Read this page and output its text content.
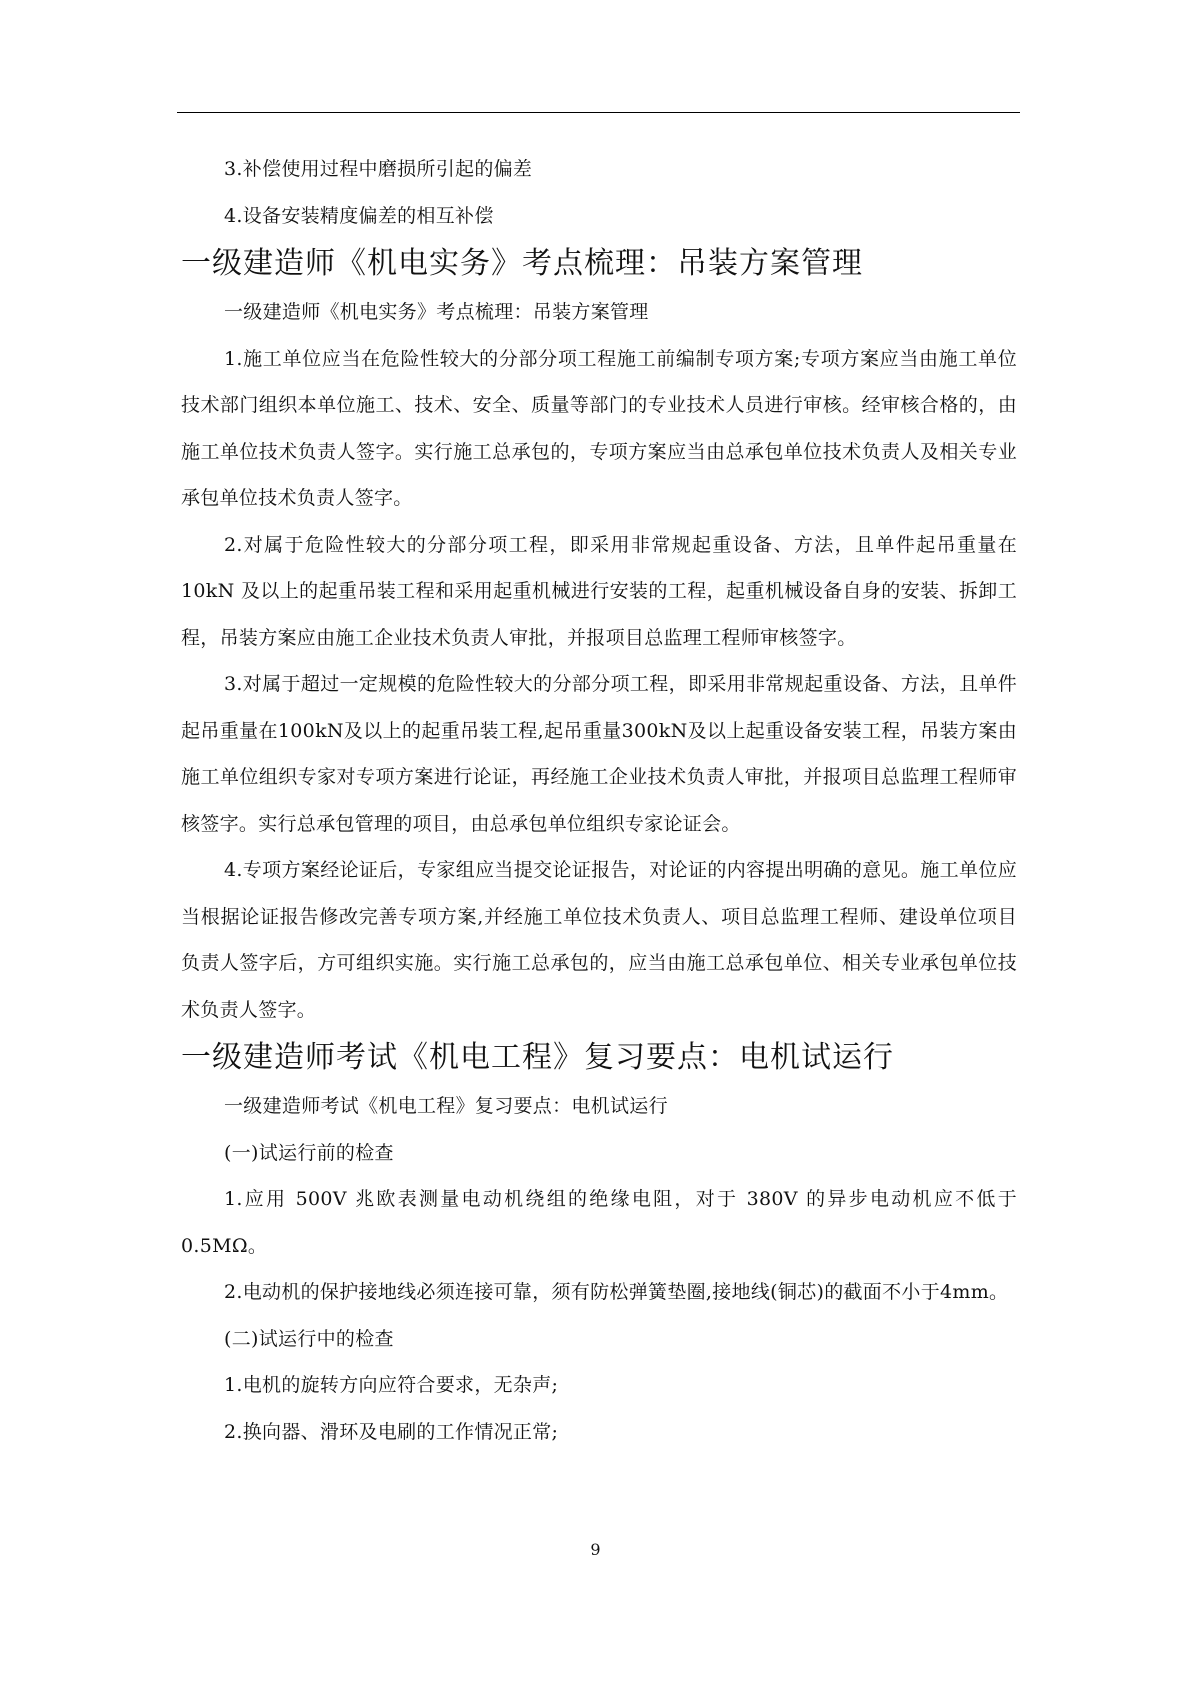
3.补偿使用过程中磨损所引起的偏差

4.设备安装精度偏差的相互补偿

一级建造师《机电实务》考点梳理：吊装方案管理

一级建造师《机电实务》考点梳理：吊装方案管理

1.施工单位应当在危险性较大的分部分项工程施工前编制专项方案;专项方案应当由施工单位技术部门组织本单位施工、技术、安全、质量等部门的专业技术人员进行审核。经审核合格的，由施工单位技术负责人签字。实行施工总承包的，专项方案应当由总承包单位技术负责人及相关专业承包单位技术负责人签字。

2.对属于危险性较大的分部分项工程，即采用非常规起重设备、方法，且单件起吊重量在 10kN 及以上的起重吊装工程和采用起重机械进行安装的工程，起重机械设备自身的安装、拆卸工程，吊装方案应由施工企业技术负责人审批，并报项目总监理工程师审核签字。

3.对属于超过一定规模的危险性较大的分部分项工程，即采用非常规起重设备、方法，且单件起吊重量在100kN及以上的起重吊装工程,起吊重量300kN及以上起重设备安装工程，吊装方案由施工单位组织专家对专项方案进行论证，再经施工企业技术负责人审批，并报项目总监理工程师审核签字。实行总承包管理的项目，由总承包单位组织专家论证会。

4.专项方案经论证后，专家组应当提交论证报告，对论证的内容提出明确的意见。施工单位应当根据论证报告修改完善专项方案,并经施工单位技术负责人、项目总监理工程师、建设单位项目负责人签字后，方可组织实施。实行施工总承包的，应当由施工总承包单位、相关专业承包单位技术负责人签字。

一级建造师考试《机电工程》复习要点：电机试运行

一级建造师考试《机电工程》复习要点：电机试运行

(一)试运行前的检查

1.应用 500V 兆欧表测量电动机绕组的绝缘电阻，对于 380V 的异步电动机应不低于0.5MΩ。

2.电动机的保护接地线必须连接可靠，须有防松弹簧垫圈,接地线(铜芯)的截面不小于4mm。

(二)试运行中的检查

1.电机的旋转方向应符合要求，无杂声;

2.换向器、滑环及电刷的工作情况正常;

9
